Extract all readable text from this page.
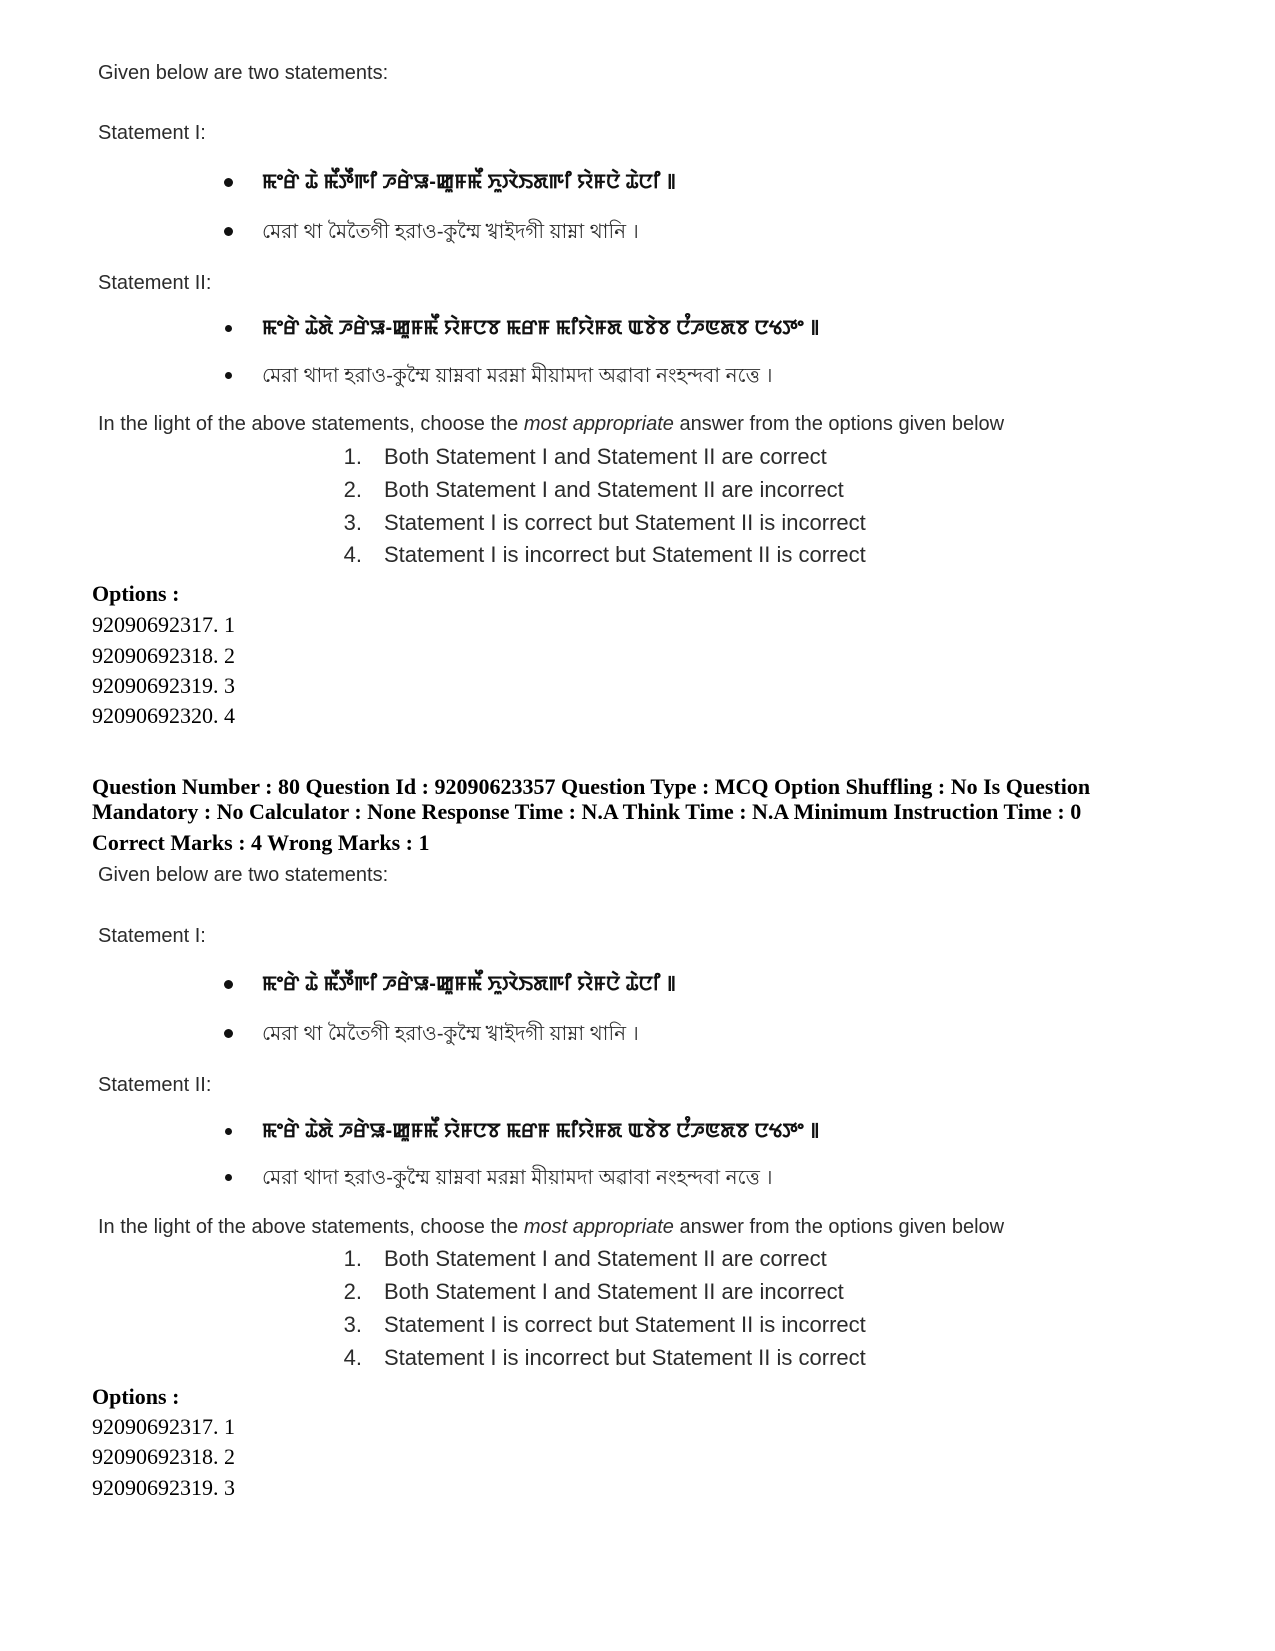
Given below are two statements:
Statement I:
ꯃꯦꯔꯥ ꯊꯥ ꯃꯩꯇꯩꯒꯤ ꯍꯔꯥꯎ-ꯀꯨꯝꯃꯩ ꯈꯨꯋꯥꯏꯗꯒꯤ ꯌꯥꯝꯅꯥ ꯊꯥꯅꯤ ꯫
মেরা থা মৈতৈগী হরাও-কুম্মৈ খ্বাইদগী য়াম্না থানি ।
Statement II:
ꯃꯦꯔꯥ ꯊꯥꯗꯥ ꯍꯔꯥꯎ-ꯀꯨꯝꯃꯩ ꯌꯥꯝꯅꯕ ꯃꯔꯝ ꯃꯤꯌꯥꯝꯗ ꯑꯕꯥꯕ ꯅꯪꯍꯟꯗꯕ ꯅꯠꯇꯦ ꯫
মেরা থাদা হরাও-কুম্মৈ য়াম্নবা মরম্না মীয়ামদা অৱাবা নংহন্দবা নত্তে ।
In the light of the above statements, choose the most appropriate answer from the options given below
1. Both Statement I and Statement II are correct
2. Both Statement I and Statement II are incorrect
3. Statement I is correct but Statement II is incorrect
4. Statement I is incorrect but Statement II is correct
Options :
92090692317. 1
92090692318. 2
92090692319. 3
92090692320. 4
Question Number : 80 Question Id : 92090623357 Question Type : MCQ Option Shuffling : No Is Question
Mandatory : No Calculator : None Response Time : N.A Think Time : N.A Minimum Instruction Time : 0
Correct Marks : 4 Wrong Marks : 1
Given below are two statements:
Statement I:
ꯃꯦꯔꯥ ꯊꯥ ꯃꯩꯇꯩꯒꯤ ꯍꯔꯥꯎ-ꯀꯨꯝꯃꯩ ꯈꯨꯋꯥꯏꯗꯒꯤ ꯌꯥꯝꯅꯥ ꯊꯥꯅꯤ ꯫
মেরা থা মৈতৈগী হরাও-কুম্মৈ খ্বাইদগী য়াম্না থানি ।
Statement II:
ꯃꯦꯔꯥ ꯊꯥꯗꯥ ꯍꯔꯥꯎ-ꯀꯨꯝꯃꯩ ꯌꯥꯝꯅꯕ ꯃꯔꯝ ꯃꯤꯌꯥꯝꯗ ꯑꯕꯥꯕ ꯅꯪꯍꯟꯗꯕ ꯅꯠꯇꯦ ꯫
মেরা থাদা হরাও-কুম্মৈ য়াম্নবা মরম্না মীয়ামদা অৱাবা নংহন্দবা নত্তে ।
In the light of the above statements, choose the most appropriate answer from the options given below
1. Both Statement I and Statement II are correct
2. Both Statement I and Statement II are incorrect
3. Statement I is correct but Statement II is incorrect
4. Statement I is incorrect but Statement II is correct
Options :
92090692317. 1
92090692318. 2
92090692319. 3
